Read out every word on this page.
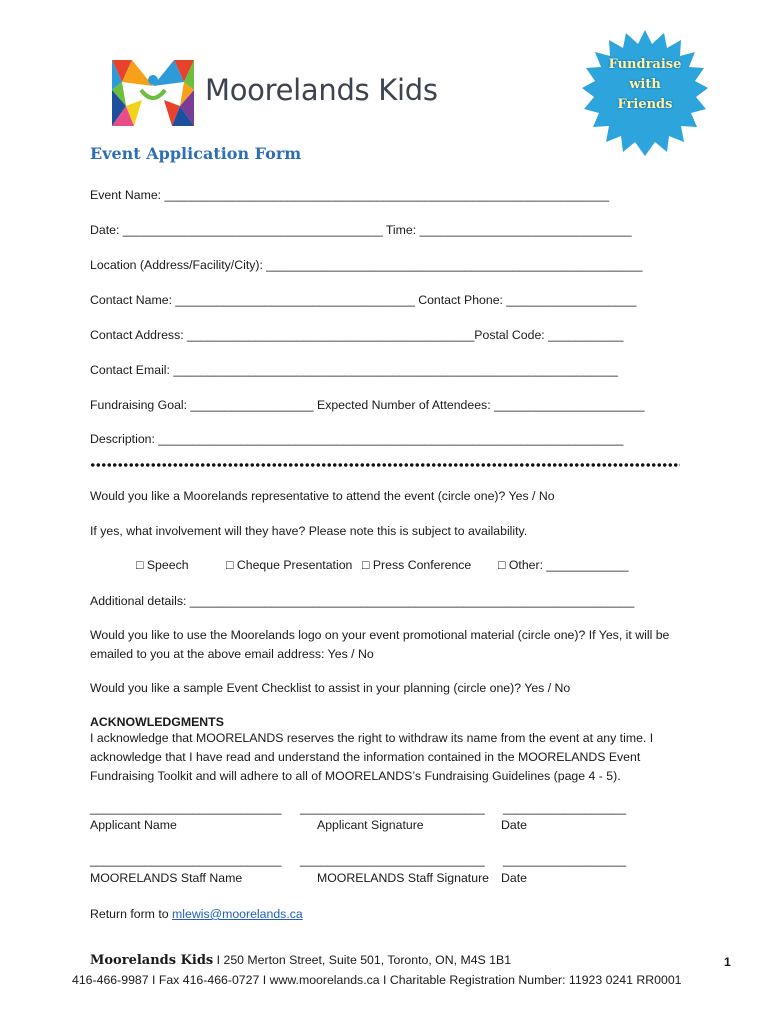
Moorelands Kids
Fundraise
with
Friends
Event Application Form
Event Name: _________________________________________________________________
Date: ______________________________________ Time: _______________________________
Location (Address/Facility/City): _______________________________________________________
Contact Name: ___________________________________ Contact Phone: ___________________
Contact Address: __________________________________________Postal Code: ___________
Contact Email: _________________________________________________________________
Fundraising Goal: __________________ Expected Number of Attendees: ______________________
Description: ____________________________________________________________________
Would you like a Moorelands representative to attend the event (circle one)? Yes / No
If yes, what involvement will they have? Please note this is subject to availability.
□ Speech	□ Cheque Presentation □ Press Conference □ Other: ____________
Additional details: _________________________________________________________________
Would you like to use the Moorelands logo on your event promotional material (circle one)? If Yes, it will be emailed to you at the above email address: Yes / No
Would you like a sample Event Checklist to assist in your planning (circle one)? Yes / No
ACKNOWLEDGMENTS
I acknowledge that MOORELANDS reserves the right to withdraw its name from the event at any time. I acknowledge that I have read and understand the information contained in the MOORELANDS Event Fundraising Toolkit and will adhere to all of MOORELANDS’s Fundraising Guidelines (page 4 - 5).
____________________________ ___________________________ __________________
Applicant Name	Applicant Signature	Date
____________________________ ___________________________ __________________
MOORELANDS Staff Name	MOORELANDS Staff Signature Date
Return form to mlewis@moorelands.ca
Moorelands Kids I 250 Merton Street, Suite 501, Toronto, ON, M4S 1B1
416-466-9987 I Fax 416-466-0727 I www.moorelands.ca I Charitable Registration Number: 11923 0241 RR0001
1
